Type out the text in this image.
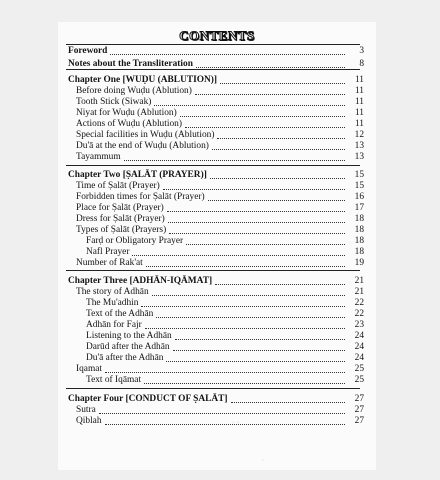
CONTENTS
Foreword	3
Notes about the Transliteration	8
Chapter One [WUḌU (ABLUTION)]	11
Before doing Wuḍu (Ablution)	11
Tooth Stick (Siwak)	11
Niyat for Wuḍu (Ablution)	11
Actions of Wuḍu (Ablution)	11
Special facilities in Wuḍu (Ablution)	12
Du'ā at the end of Wuḍu (Ablution)	13
Tayammum	13
Chapter Two [ṢALĀT (PRAYER)]	15
Time of Ṣalāt (Prayer)	15
Forbidden times for Ṣalāt (Prayer)	16
Place for Ṣalāt (Prayer)	17
Dress for Ṣalāt (Prayer)	18
Types of Ṣalāt (Prayers)	18
Farḍ or Obligatory Prayer	18
Nafl Prayer	18
Number of Rak'at	19
Chapter Three [ADHĀN-IQĀMAT]	21
The story of Adhān	21
The Mu'adhin	22
Text of the Adhān	22
Adhān for Fajr	23
Listening to the Adhān	24
Darūd after the Adhān	24
Du'ā after the Adhān	24
Iqamat	25
Text of Iqāmat	25
Chapter Four [CONDUCT OF ṢALĀT]	27
Sutra	27
Qiblah	27
·  ·
·
